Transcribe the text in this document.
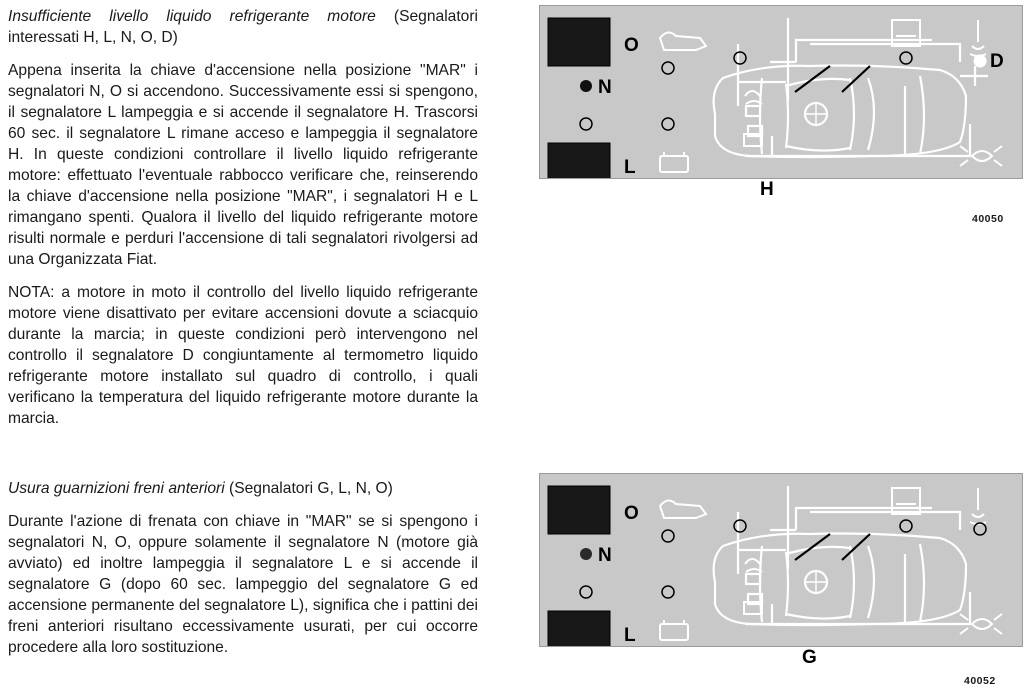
Insufficiente livello liquido refrigerante motore (Segnalatori interessati H, L, N, O, D)

Appena inserita la chiave d'accensione nella posizione "MAR" i segnalatori N, O si accendono. Successivamente essi si spengono, il segnalatore L lampeggia e si accende il segnalatore H. Trascorsi 60 sec. il segnalatore L rimane acceso e lampeggia il segnalatore H. In queste condizioni controllare il livello liquido refrigerante motore: effettuato l'eventuale rabbocco verificare che, reinserendo la chiave d'accensione nella posizione "MAR", i segnalatori H e L rimangano spenti. Qualora il livello del liquido refrigerante motore risulti normale e perduri l'accensione di tali segnalatori rivolgersi ad una Organizzata Fiat.

NOTA: a motore in moto il controllo del livello liquido refrigerante motore viene disattivato per evitare accensioni dovute a sciacquio durante la marcia; in queste condizioni però intervengono nel controllo il segnalatore D congiuntamente al termometro liquido refrigerante motore installato sul quadro di controllo, i quali verificano la temperatura del liquido refrigerante motore durante la marcia.

Usura guarnizioni freni anteriori (Segnalatori G, L, N, O)

Durante l'azione di frenata con chiave in "MAR" se si spengono i segnalatori N, O, oppure solamente il segnalatore N (motore già avviato) ed inoltre lampeggia il segnalatore L e si accende il segnalatore G (dopo 60 sec. lampeggio del segnalatore G ed accensione permanente del segnalatore L), significa che i pattini dei freni anteriori risultano eccessivamente usurati, per cui occorre procedere alla loro sostituzione.

O
N
L
H
D
40050
O
N
L
G
40052
